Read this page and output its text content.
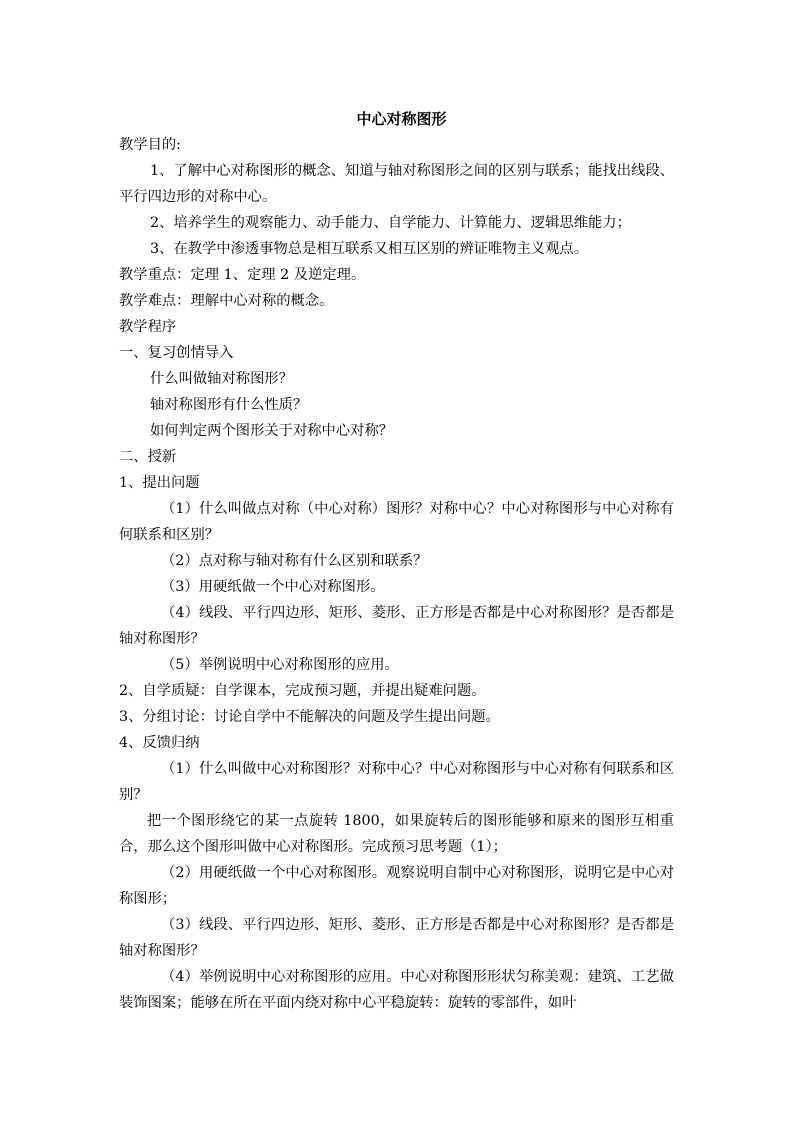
中心对称图形

教学目的:

1、了解中心对称图形的概念、知道与轴对称图形之间的区别与联系；能找出线段、平行四边形的对称中心。

2、培养学生的观察能力、动手能力、自学能力、计算能力、逻辑思维能力；

3、在教学中渗透事物总是相互联系又相互区别的辨证唯物主义观点。

教学重点：定理 1、定理 2 及逆定理。

教学难点：理解中心对称的概念。

教学程序

一、复习创情导入

什么叫做轴对称图形？

轴对称图形有什么性质？

如何判定两个图形关于对称中心对称？

二、授新

1、提出问题

（1）什么叫做点对称（中心对称）图形？对称中心？中心对称图形与中心对称有何联系和区别？

（2）点对称与轴对称有什么区别和联系？

（3）用硬纸做一个中心对称图形。

（4）线段、平行四边形、矩形、菱形、正方形是否都是中心对称图形？是否都是轴对称图形？

（5）举例说明中心对称图形的应用。

2、自学质疑：自学课本，完成预习题，并提出疑难问题。

3、分组讨论：讨论自学中不能解决的问题及学生提出问题。

4、反馈归纳

（1）什么叫做中心对称图形？对称中心？中心对称图形与中心对称有何联系和区别？

把一个图形绕它的某一点旋转 1800，如果旋转后的图形能够和原来的图形互相重合，那么这个图形叫做中心对称图形。完成预习思考题（1）；

（2）用硬纸做一个中心对称图形。观察说明自制中心对称图形，说明它是中心对称图形；

（3）线段、平行四边形、矩形、菱形、正方形是否都是中心对称图形？是否都是轴对称图形？

（4）举例说明中心对称图形的应用。中心对称图形形状匀称美观：建筑、工艺做装饰图案；能够在所在平面内绕对称中心平稳旋转：旋转的零部件，如叶
